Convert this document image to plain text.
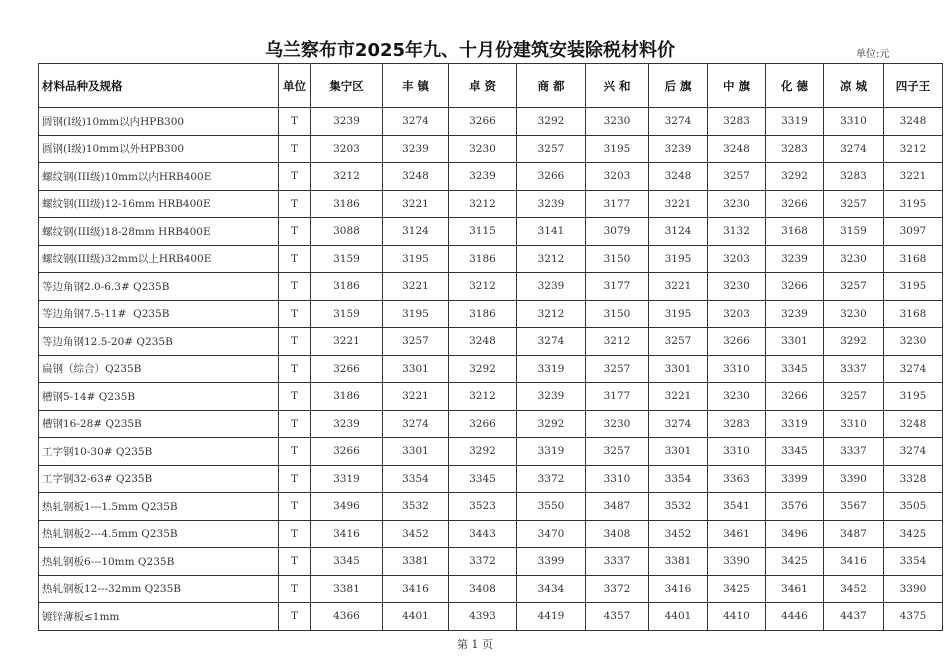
乌兰察布市2025年九、十月份建筑安装除税材料价	单位:元
材料品种及规格	单位	集宁区	丰 镇	卓 资	商 都	兴 和	后 旗	中 旗	化 德	凉 城	四子王
圆钢(Ⅰ级)10mm以内HPB300	T	3239	3274	3266	3292	3230	3274	3283	3319	3310	3248
圆钢(Ⅰ级)10mm以外HPB300	T	3203	3239	3230	3257	3195	3239	3248	3283	3274	3212
螺纹钢(III级)10mm以内HRB400E	T	3212	3248	3239	3266	3203	3248	3257	3292	3283	3221
螺纹钢(III级)12-16mm HRB400E	T	3186	3221	3212	3239	3177	3221	3230	3266	3257	3195
螺纹钢(III级)18-28mm HRB400E	T	3088	3124	3115	3141	3079	3124	3132	3168	3159	3097
螺纹钢(III级)32mm以上HRB400E	T	3159	3195	3186	3212	3150	3195	3203	3239	3230	3168
等边角钢2.0-6.3# Q235B	T	3186	3221	3212	3239	3177	3221	3230	3266	3257	3195
等边角钢7.5-11#  Q235B	T	3159	3195	3186	3212	3150	3195	3203	3239	3230	3168
等边角钢12.5-20# Q235B	T	3221	3257	3248	3274	3212	3257	3266	3301	3292	3230
扁钢（综合）Q235B	T	3266	3301	3292	3319	3257	3301	3310	3345	3337	3274
槽钢5-14# Q235B	T	3186	3221	3212	3239	3177	3221	3230	3266	3257	3195
槽钢16-28# Q235B	T	3239	3274	3266	3292	3230	3274	3283	3319	3310	3248
工字钢10-30# Q235B	T	3266	3301	3292	3319	3257	3301	3310	3345	3337	3274
工字钢32-63# Q235B	T	3319	3354	3345	3372	3310	3354	3363	3399	3390	3328
热轧钢板1---1.5mm Q235B	T	3496	3532	3523	3550	3487	3532	3541	3576	3567	3505
热轧钢板2---4.5mm Q235B	T	3416	3452	3443	3470	3408	3452	3461	3496	3487	3425
热轧钢板6---10mm Q235B	T	3345	3381	3372	3399	3337	3381	3390	3425	3416	3354
热轧钢板12---32mm Q235B	T	3381	3416	3408	3434	3372	3416	3425	3461	3452	3390
镀锌薄板≤1mm	T	4366	4401	4393	4419	4357	4401	4410	4446	4437	4375
第 1 页
